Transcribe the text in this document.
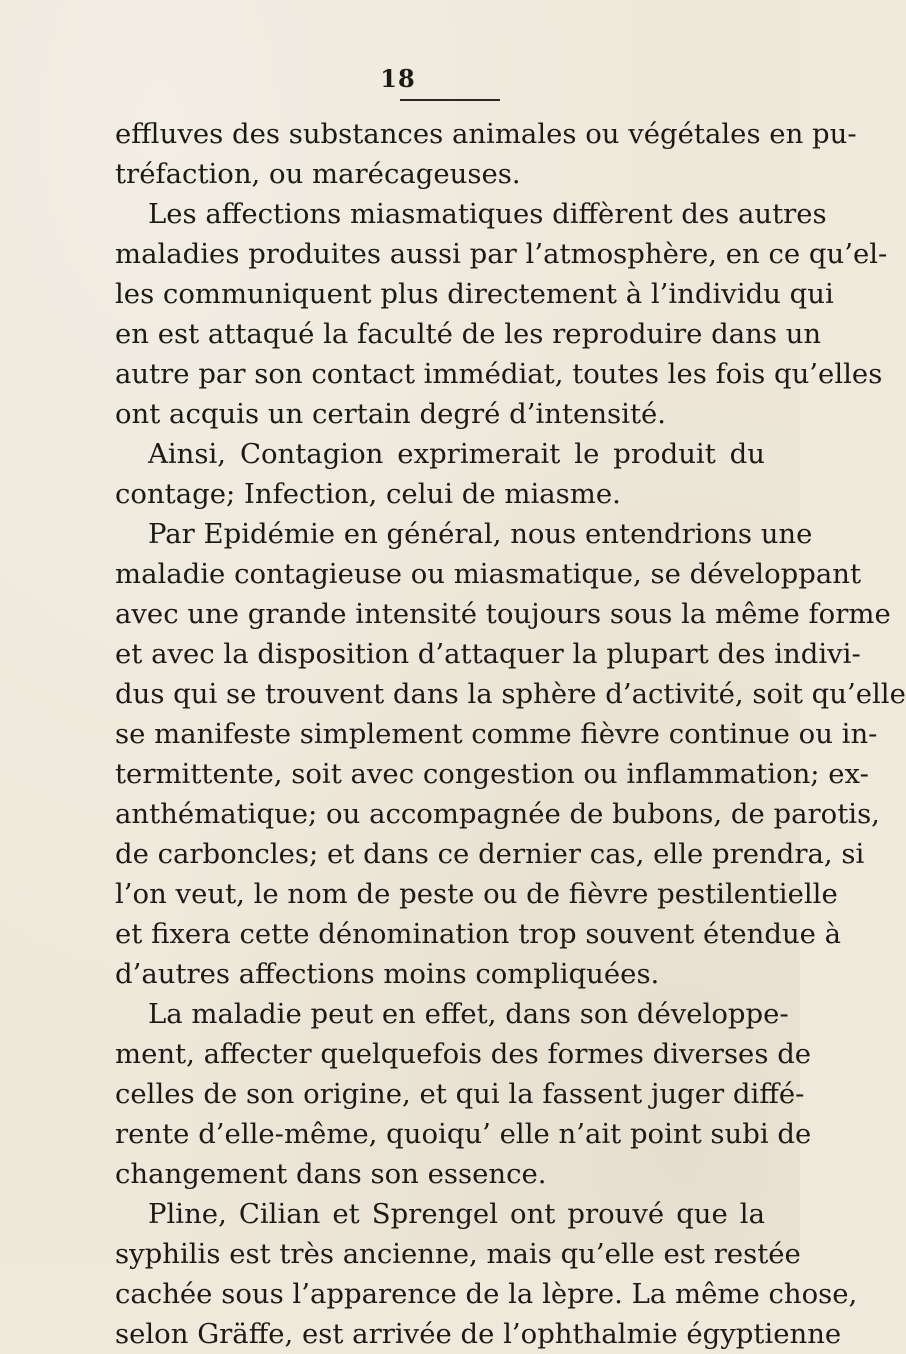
18
effluves des substances animales ou végétales en pu-
tréfaction, ou marécageuses.
Les affections miasmatiques diffèrent des autres
maladies produites aussi par l’atmosphère, en ce qu’el-
les communiquent plus directement à l’individu qui
en est attaqué la faculté de les reproduire dans un
autre par son contact immédiat, toutes les fois qu’elles
ont acquis un certain degré d’intensité.
Ainsi, Contagion exprimerait le produit du
contage; Infection, celui de miasme.
Par Epidémie en général, nous entendrions une
maladie contagieuse ou miasmatique, se développant
avec une grande intensité toujours sous la même forme
et avec la disposition d’attaquer la plupart des indivi-
dus qui se trouvent dans la sphère d’activité, soit qu’elle
se manifeste simplement comme fièvre continue ou in-
termittente, soit avec congestion ou inflammation; ex-
anthématique; ou accompagnée de bubons, de parotis,
de carboncles; et dans ce dernier cas, elle prendra, si
l’on veut, le nom de peste ou de fièvre pestilentielle
et fixera cette dénomination trop souvent étendue à
d’autres affections moins compliquées.
La maladie peut en effet, dans son développe-
ment, affecter quelquefois des formes diverses de
celles de son origine, et qui la fassent juger diffé-
rente d’elle-même, quoiqu’ elle n’ait point subi de
changement dans son essence.
Pline, Cilian et Sprengel ont prouvé que la
syphilis est très ancienne, mais qu’elle est restée
cachée sous l’apparence de la lèpre. La même chose,
selon Gräffe, est arrivée de l’ophthalmie égyptienne
